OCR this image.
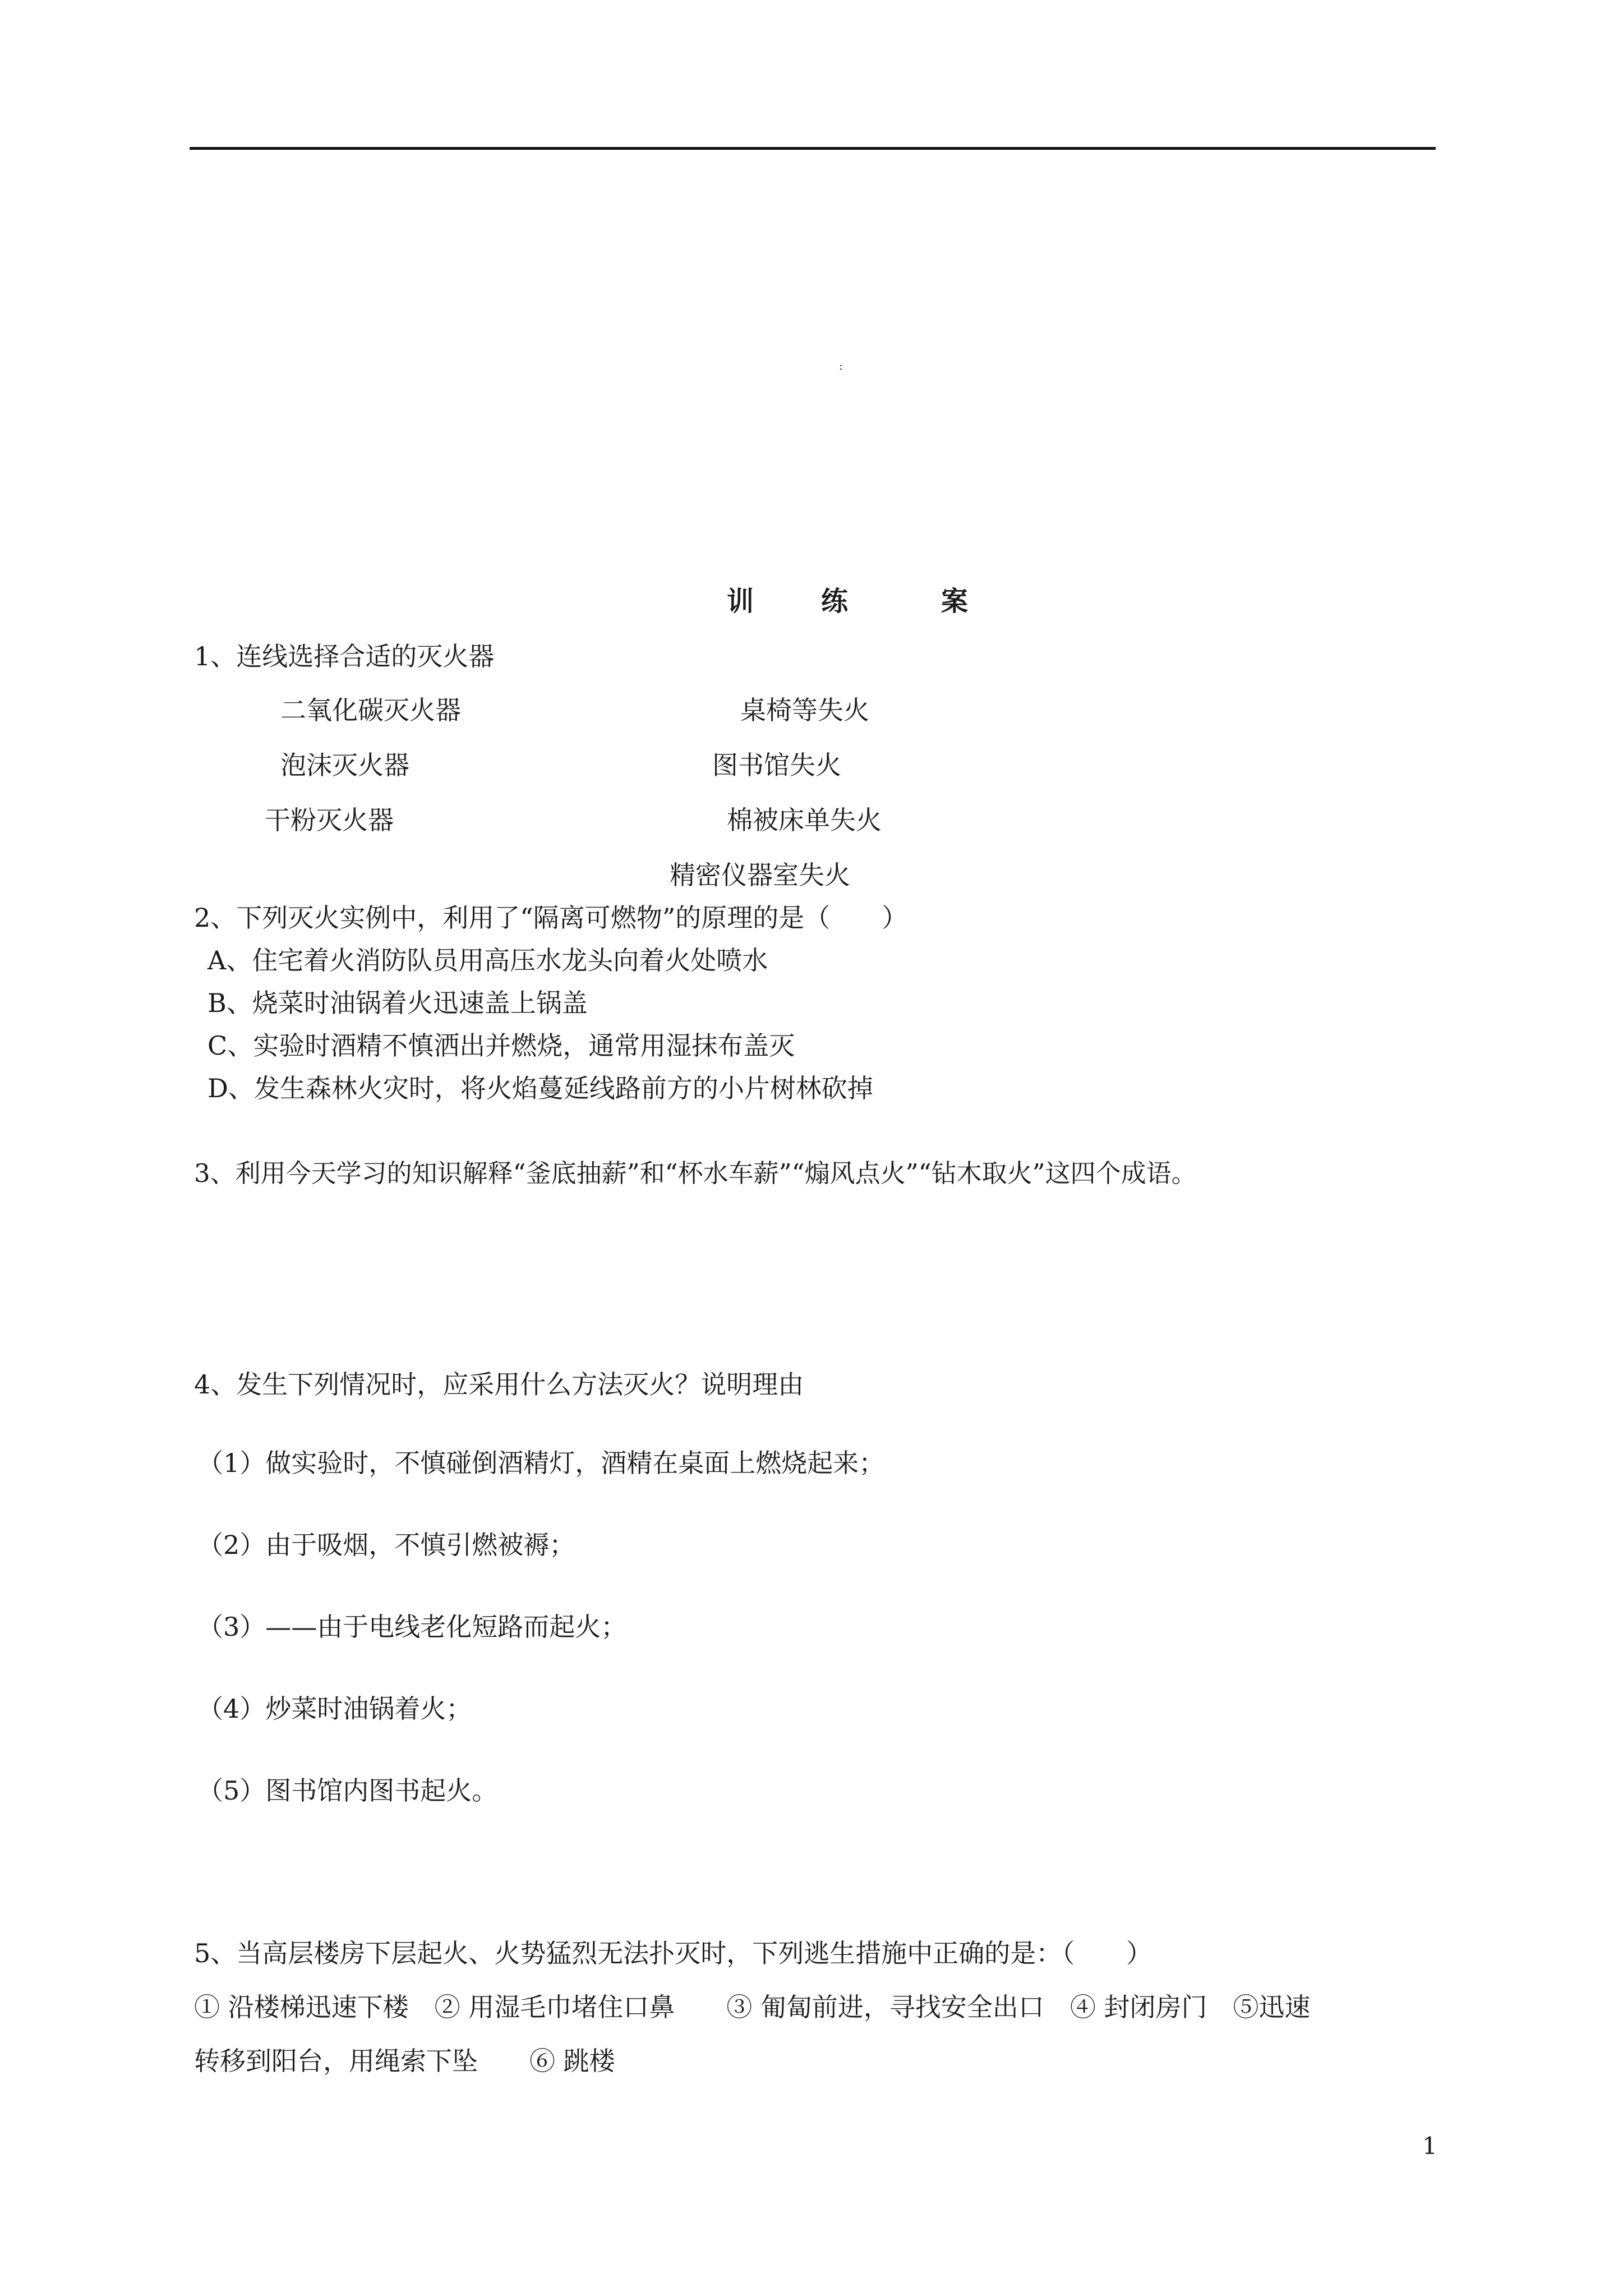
:
训	练	案
1、连线选择合适的灭火器
二氧化碳灭火器
泡沫灭火器
干粉灭火器
桌椅等失火
图书馆失火
棉被床单失火
精密仪器室失火
2、下列灭火实例中，利用了“隔离可燃物”的原理的是（　　）
A、住宅着火消防队员用高压水龙头向着火处喷水
B、烧菜时油锅着火迅速盖上锅盖
C、实验时酒精不慎洒出并燃烧，通常用湿抹布盖灭
D、发生森林火灾时，将火焰蔓延线路前方的小片树林砍掉
3、利用今天学习的知识解释“釜底抽薪”和“杯水车薪”“煽风点火”“钻木取火”这四个成语。
4、发生下列情况时，应采用什么方法灭火？说明理由
（1）做实验时，不慎碰倒酒精灯，酒精在桌面上燃烧起来；
（2）由于吸烟，不慎引燃被褥；
（3）——由于电线老化短路而起火；
（4）炒菜时油锅着火；
（5）图书馆内图书起火。
5、当高层楼房下层起火、火势猛烈无法扑灭时，下列逃生措施中正确的是：（　　）
① 沿楼梯迅速下楼　② 用湿毛巾堵住口鼻　　③ 匍匐前进，寻找安全出口　④ 封闭房门　⑤迅速
转移到阳台，用绳索下坠　　⑥ 跳楼
1
